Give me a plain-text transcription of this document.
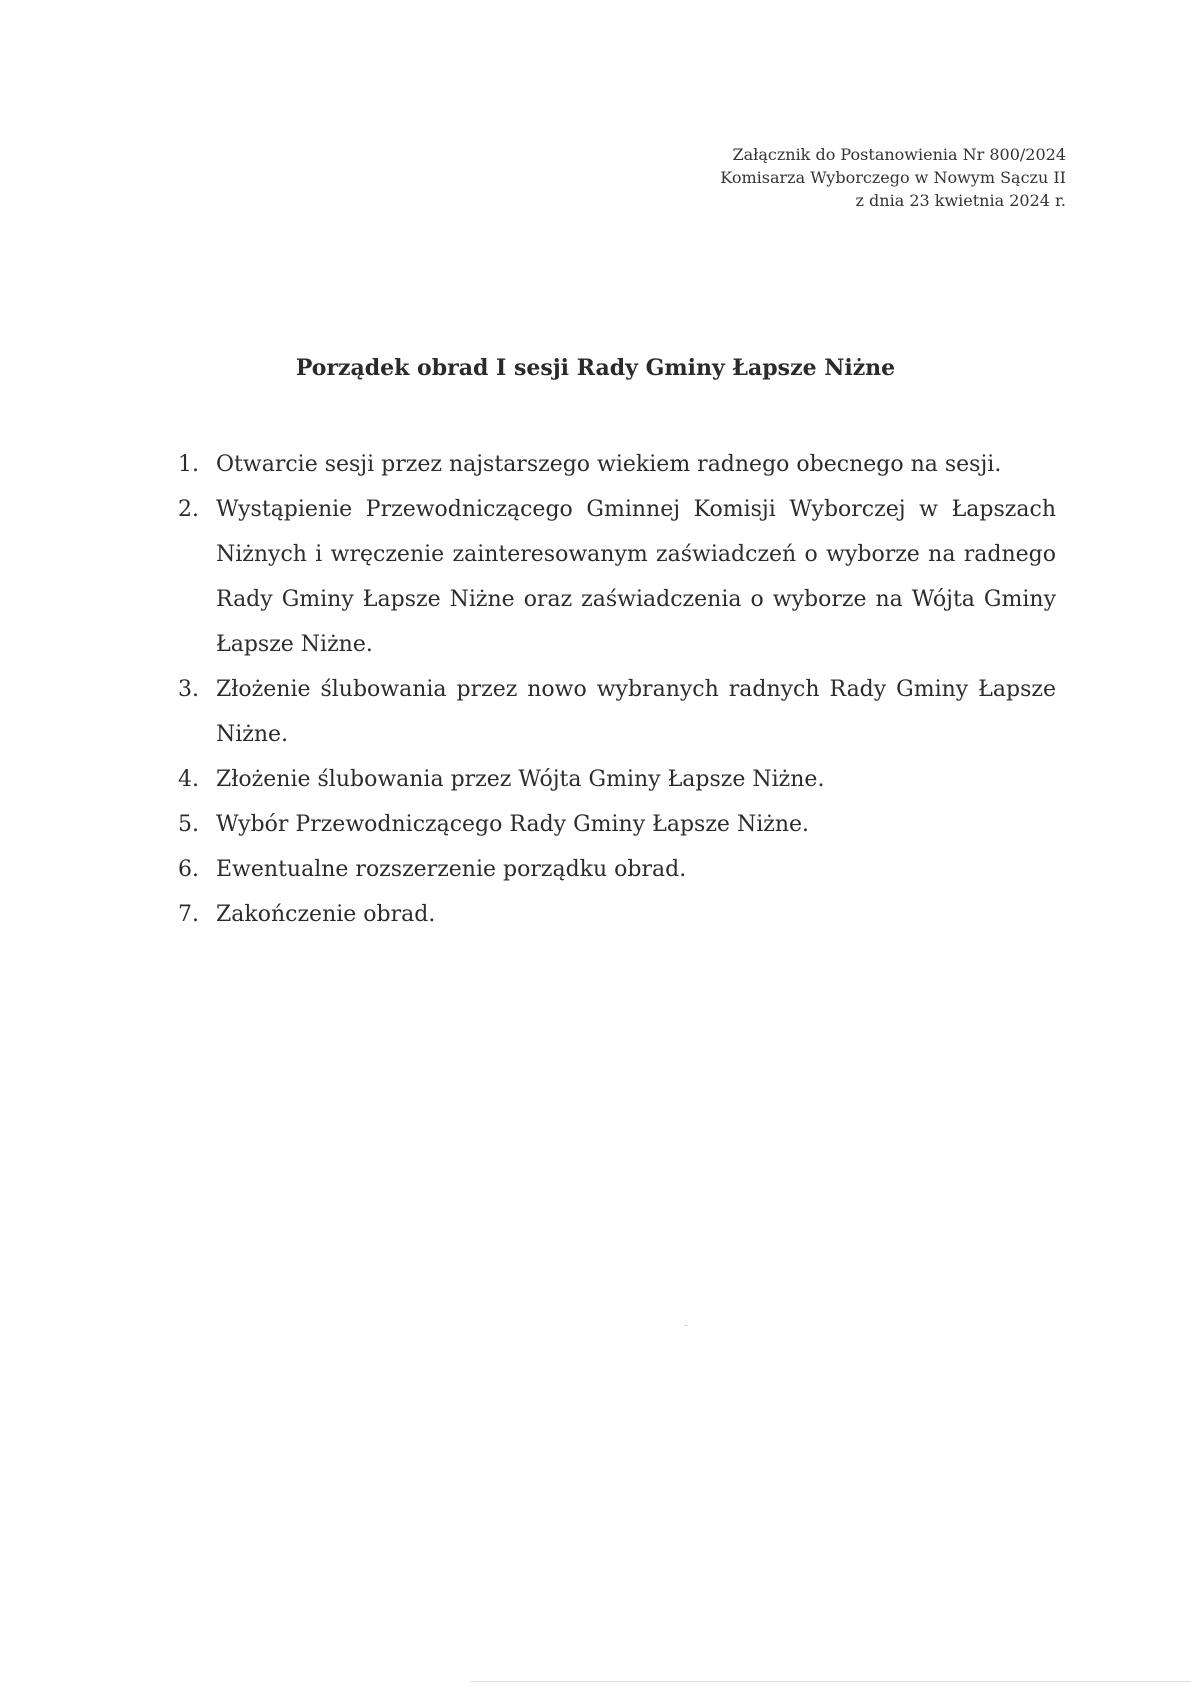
Załącznik do Postanowienia Nr 800/2024
Komisarza Wyborczego w Nowym Sączu II
z dnia 23 kwietnia 2024 r.
Porządek obrad I sesji Rady Gminy Łapsze Niżne
1. Otwarcie sesji przez najstarszego wiekiem radnego obecnego na sesji.
2. Wystąpienie Przewodniczącego Gminnej Komisji Wyborczej w Łapszach Niżnych i wręczenie zainteresowanym zaświadczeń o wyborze na radnego Rady Gminy Łapsze Niżne oraz zaświadczenia o wyborze na Wójta Gminy Łapsze Niżne.
3. Złożenie ślubowania przez nowo wybranych radnych Rady Gminy Łapsze Niżne.
4. Złożenie ślubowania przez Wójta Gminy Łapsze Niżne.
5. Wybór Przewodniczącego Rady Gminy Łapsze Niżne.
6. Ewentualne rozszerzenie porządku obrad.
7. Zakończenie obrad.
